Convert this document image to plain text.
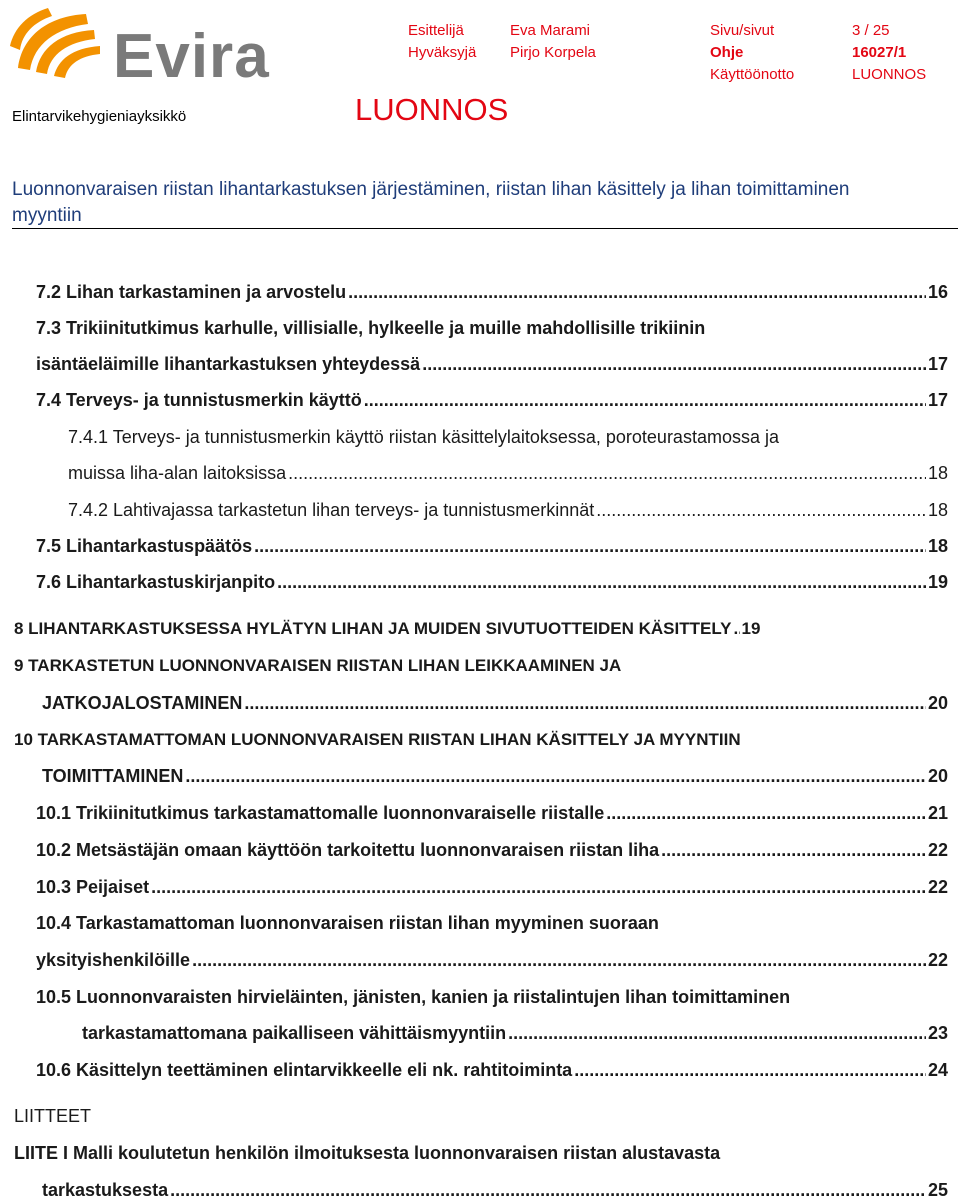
Evira
Elintarvikehygieniayksikkö	LUONNOS
Esittelijä	Eva Marami	Sivu/sivut	3 / 25
Hyväksyjä Pirjo Korpela	Ohje	16027/1
Käyttöönotto	LUONNOS
Luonnonvaraisen riistan lihantarkastuksen järjestäminen, riistan lihan käsittely ja lihan toimittaminen myyntiin
7.2 Lihan tarkastaminen ja arvostelu .....	16
7.3 Trikiinitutkimus karhulle, villisialle, hylkeelle ja muille mahdollisille trikiinin
isäntäeläimille lihantarkastuksen yhteydessä .....	17
7.4 Terveys- ja tunnistusmerkin käyttö .....	17
7.4.1 Terveys- ja tunnistusmerkin käyttö riistan käsittelylaitoksessa, poroteurastamossa ja
muissa liha-alan laitoksissa .....	18
7.4.2 Lahtivajassa tarkastetun lihan terveys- ja tunnistusmerkinnät .....	18
7.5 Lihantarkastuspäätös .....	18
7.6 Lihantarkastuskirjanpito .....	19
8 LIHANTARKASTUKSESSA HYLÄTYN LIHAN JA MUIDEN SIVUTUOTTEIDEN KÄSITTELY ..... 19
9 TARKASTETUN LUONNONVARAISEN RIISTAN LIHAN LEIKKAAMINEN JA
JATKOJALOSTAMINEN .....	20
10 TARKASTAMATTOMAN LUONNONVARAISEN RIISTAN LIHAN KÄSITTELY JA MYYNTIIN
TOIMITTAMINEN .....	20
10.1 Trikiinitutkimus tarkastamattomalle luonnonvaraiselle riistalle .....	21
10.2 Metsästäjän omaan käyttöön tarkoitettu luonnonvaraisen riistan liha .....	22
10.3 Peijaiset .....	22
10.4 Tarkastamattoman luonnonvaraisen riistan lihan myyminen suoraan
yksityishenkilöille .....	22
10.5 Luonnonvaraisten hirvieläinten, jänisten, kanien ja riistalintujen lihan toimittaminen
tarkastamattomana paikalliseen vähittäismyyntiin .....	23
10.6 Käsittelyn teettäminen elintarvikkeelle eli nk. rahtitoiminta .....	24
LIITTEET
LIITE I Malli koulutetun henkilön ilmoituksesta luonnonvaraisen riistan alustavasta
tarkastuksesta .....	25
